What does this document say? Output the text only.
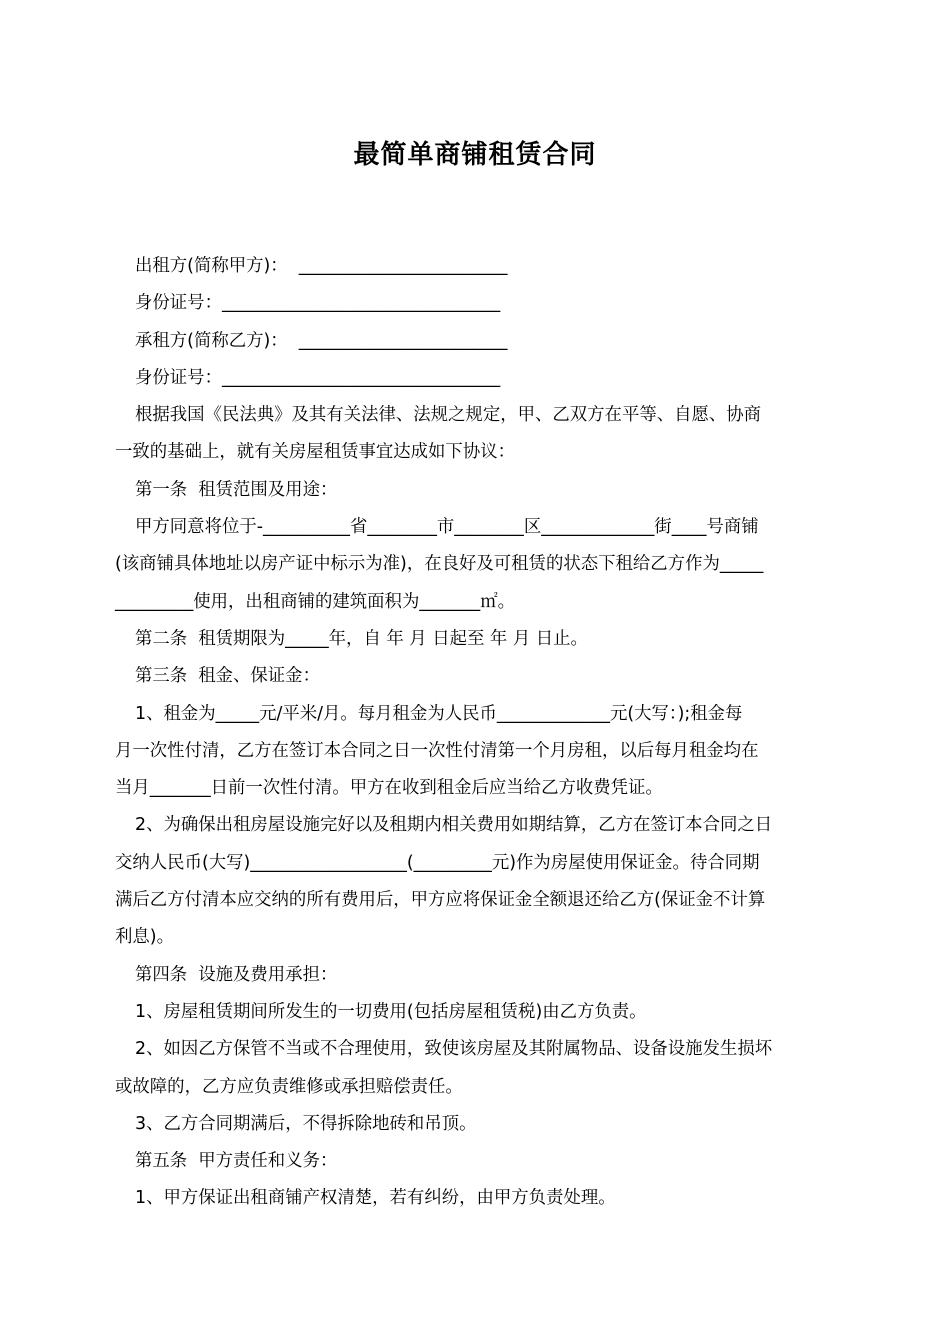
最简单商铺租赁合同

出租方(简称甲方)：  ________________________

身份证号：________________________________

承租方(简称乙方)：  ________________________

身份证号：________________________________

根据我国《民法典》及其有关法律、法规之规定，甲、乙双方在平等、自愿、协商

一致的基础上，就有关房屋租赁事宜达成如下协议：

第一条  租赁范围及用途：

甲方同意将位于-__________省________市________区_____________街____号商铺

(该商铺具体地址以房产证中标示为准)，在良好及可租赁的状态下租给乙方作为_____

_________使用，出租商铺的建筑面积为_______㎡。

第二条  租赁期限为_____年，自 年 月 日起至 年 月 日止。

第三条  租金、保证金：

1、租金为_____元/平米/月。每月租金为人民币_____________元(大写：);租金每

月一次性付清，乙方在签订本合同之日一次性付清第一个月房租，以后每月租金均在

当月_______日前一次性付清。甲方在收到租金后应当给乙方收费凭证。

2、为确保出租房屋设施完好以及租期内相关费用如期结算，乙方在签订本合同之日

交纳人民币(大写)__________________(_________元)作为房屋使用保证金。待合同期

满后乙方付清本应交纳的所有费用后，甲方应将保证金全额退还给乙方(保证金不计算

利息)。

第四条  设施及费用承担：

1、房屋租赁期间所发生的一切费用(包括房屋租赁税)由乙方负责。

2、如因乙方保管不当或不合理使用，致使该房屋及其附属物品、设备设施发生损坏

或故障的，乙方应负责维修或承担赔偿责任。

3、乙方合同期满后，不得拆除地砖和吊顶。

第五条  甲方责任和义务：

1、甲方保证出租商铺产权清楚，若有纠纷，由甲方负责处理。
